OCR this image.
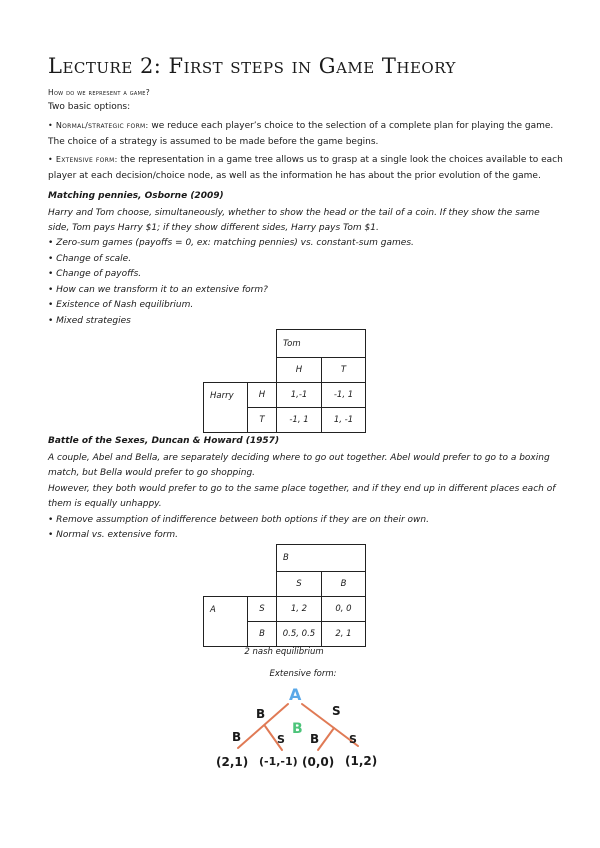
Lecture 2: First steps in Game Theory
How do we represent a game?
Two basic options:
• Normal/strategic form: we reduce each player’s choice to the selection of a complete plan for playing the game.
The choice of a strategy is assumed to be made before the game begins.
• Extensive form: the representation in a game tree allows us to grasp at a single look the choices available to each
player at each decision/choice node, as well as the information he has about the prior evolution of the game.
Matching pennies, Osborne (2009)
Harry and Tom choose, simultaneously, whether to show the head or the tail of a coin. If they show the same
side, Tom pays Harry $1; if they show different sides, Harry pays Tom $1.
• Zero-sum games (payoffs = 0, ex: matching pennies) vs. constant-sum games.
• Change of scale.
• Change of payoffs.
• How can we transform it to an extensive form?
• Existence of Nash equilibrium.
• Mixed strategies
		Tom	
		H	T
Harry	H	1,-1	-1, 1
	T	-1, 1	1, -1
Battle of the Sexes, Duncan & Howard (1957)
A couple, Abel and Bella, are separately deciding where to go out together. Abel would prefer to go to a boxing
match, but Bella would prefer to go shopping.
However, they both would prefer to go to the same place together, and if they end up in different places each of
them is equally unhappy.
• Remove assumption of indifference between both options if they are on their own.
• Normal vs. extensive form.
		B	
		S	B
A	S	1, 2	0, 0
	B	0.5, 0.5	2, 1
2 nash equilibrium
Extensive form:
A
B
B	S
B	S B	S
(2,1) (-1,-1) (0,0) (1,2)
